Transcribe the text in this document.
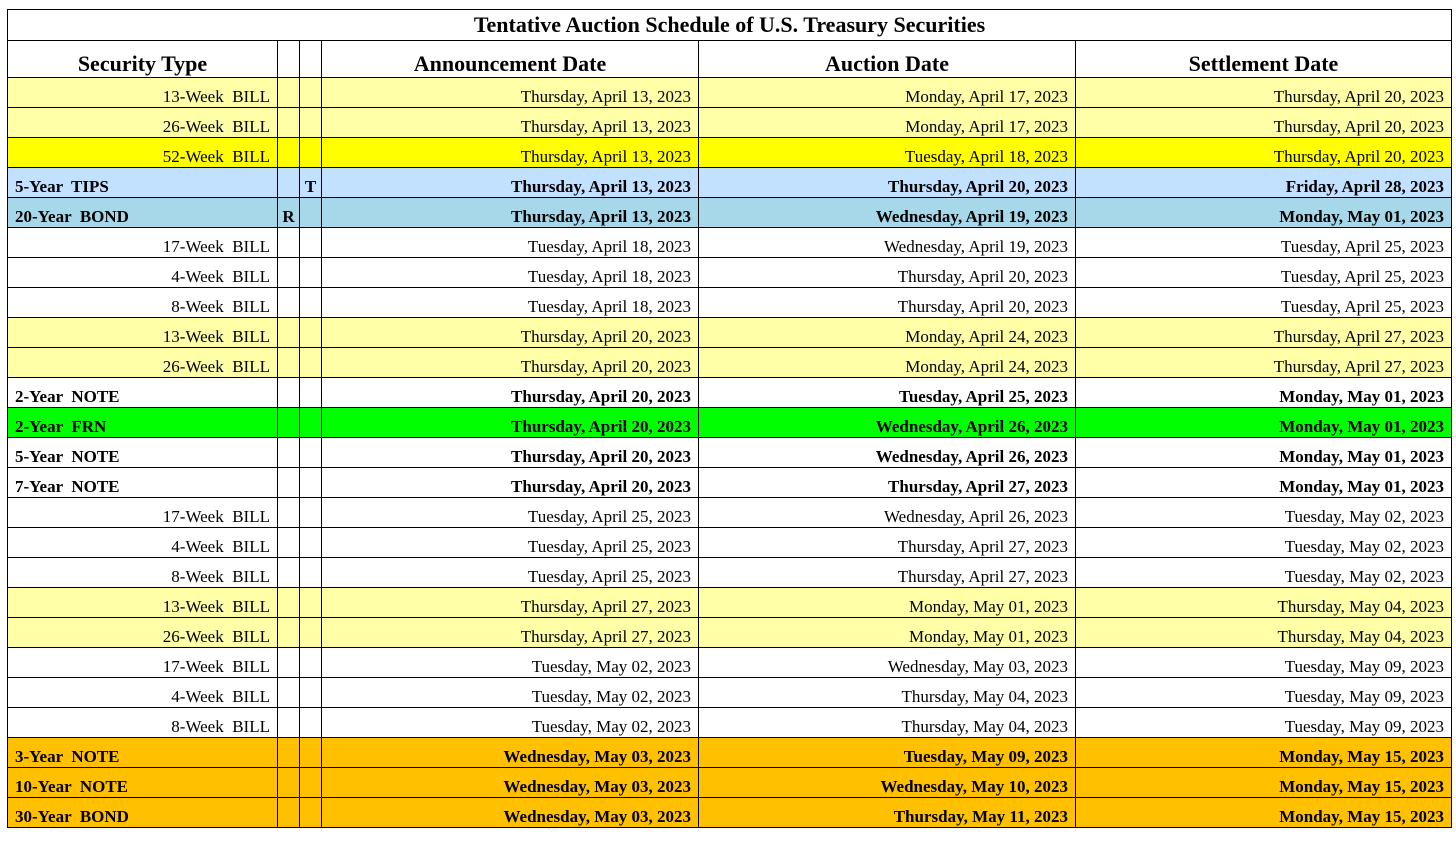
Tentative Auction Schedule of U.S. Treasury Securities					
Security Type			Announcement Date	Auction Date	Settlement Date
13-Week  BILL			Thursday, April 13, 2023	Monday, April 17, 2023	Thursday, April 20, 2023
26-Week  BILL			Thursday, April 13, 2023	Monday, April 17, 2023	Thursday, April 20, 2023
52-Week  BILL			Thursday, April 13, 2023	Tuesday, April 18, 2023	Thursday, April 20, 2023
5-Year  TIPS		T	Thursday, April 13, 2023	Thursday, April 20, 2023	Friday, April 28, 2023
20-Year  BOND	R		Thursday, April 13, 2023	Wednesday, April 19, 2023	Monday, May 01, 2023
17-Week  BILL			Tuesday, April 18, 2023	Wednesday, April 19, 2023	Tuesday, April 25, 2023
4-Week  BILL			Tuesday, April 18, 2023	Thursday, April 20, 2023	Tuesday, April 25, 2023
8-Week  BILL			Tuesday, April 18, 2023	Thursday, April 20, 2023	Tuesday, April 25, 2023
13-Week  BILL			Thursday, April 20, 2023	Monday, April 24, 2023	Thursday, April 27, 2023
26-Week  BILL			Thursday, April 20, 2023	Monday, April 24, 2023	Thursday, April 27, 2023
2-Year  NOTE			Thursday, April 20, 2023	Tuesday, April 25, 2023	Monday, May 01, 2023
2-Year  FRN			Thursday, April 20, 2023	Wednesday, April 26, 2023	Monday, May 01, 2023
5-Year  NOTE			Thursday, April 20, 2023	Wednesday, April 26, 2023	Monday, May 01, 2023
7-Year  NOTE			Thursday, April 20, 2023	Thursday, April 27, 2023	Monday, May 01, 2023
17-Week  BILL			Tuesday, April 25, 2023	Wednesday, April 26, 2023	Tuesday, May 02, 2023
4-Week  BILL			Tuesday, April 25, 2023	Thursday, April 27, 2023	Tuesday, May 02, 2023
8-Week  BILL			Tuesday, April 25, 2023	Thursday, April 27, 2023	Tuesday, May 02, 2023
13-Week  BILL			Thursday, April 27, 2023	Monday, May 01, 2023	Thursday, May 04, 2023
26-Week  BILL			Thursday, April 27, 2023	Monday, May 01, 2023	Thursday, May 04, 2023
17-Week  BILL			Tuesday, May 02, 2023	Wednesday, May 03, 2023	Tuesday, May 09, 2023
4-Week  BILL			Tuesday, May 02, 2023	Thursday, May 04, 2023	Tuesday, May 09, 2023
8-Week  BILL			Tuesday, May 02, 2023	Thursday, May 04, 2023	Tuesday, May 09, 2023
3-Year  NOTE			Wednesday, May 03, 2023	Tuesday, May 09, 2023	Monday, May 15, 2023
10-Year  NOTE			Wednesday, May 03, 2023	Wednesday, May 10, 2023	Monday, May 15, 2023
30-Year  BOND			Wednesday, May 03, 2023	Thursday, May 11, 2023	Monday, May 15, 2023
